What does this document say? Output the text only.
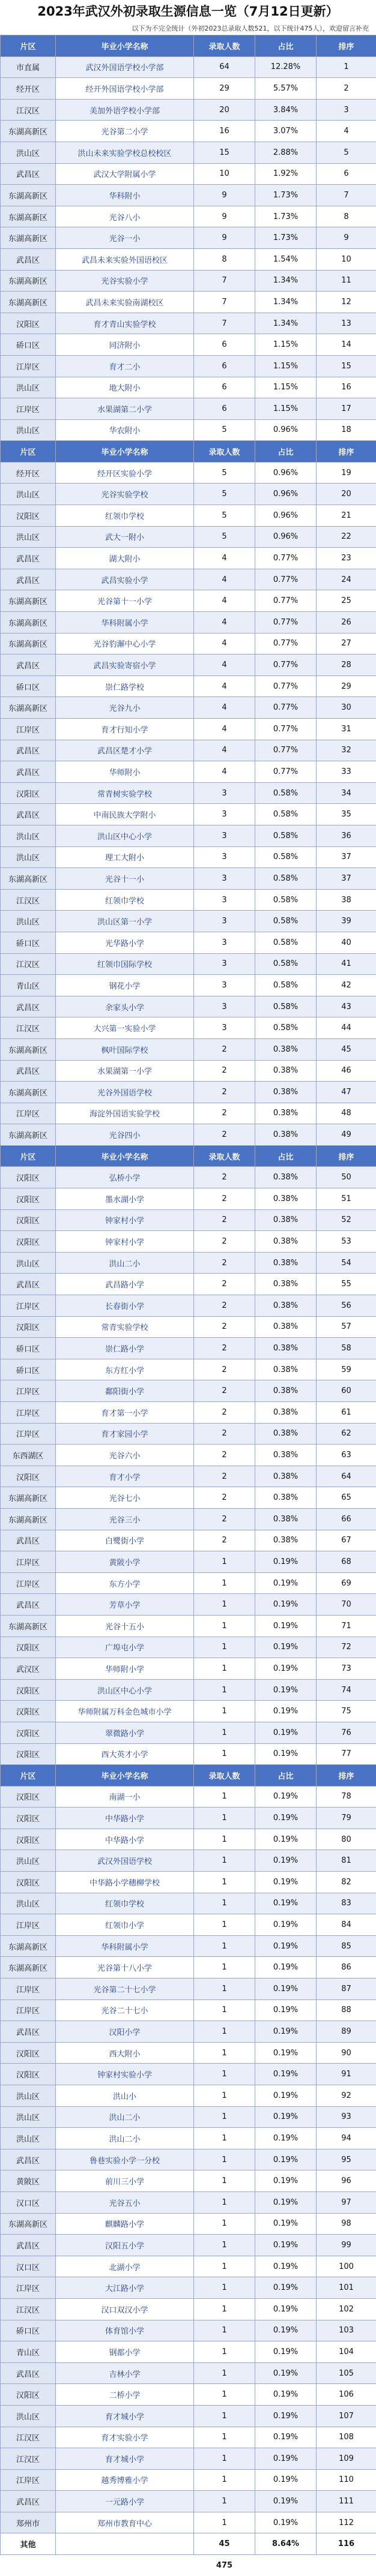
2023年武汉外初录取生源信息一览（7月12日更新）
以下为不完全统计（外初2023总录取人数521，以下统计475人），欢迎留言补充
片区	毕业小学名称	录取人数	占比	排序
市直属	武汉外国语学校小学部	64	12.28%	1
经开区	经开外国语学校小学部	29	5.57%	2
江汉区	美加外语学校小学部	20	3.84%	3
东湖高新区	光谷第二小学	16	3.07%	4
洪山区	洪山未来实验学校总校校区	15	2.88%	5
武昌区	武汉大学附属小学	10	1.92%	6
东湖高新区	华科附小	9	1.73%	7
东湖高新区	光谷八小	9	1.73%	8
东湖高新区	光谷一小	9	1.73%	9
武昌区	武昌未来实验外国语校区	8	1.54%	10
东湖高新区	光谷实验小学	7	1.34%	11
东湖高新区	武昌未来实验南湖校区	7	1.34%	12
汉阳区	育才青山实验学校	7	1.34%	13
硚口区	同济附小	6	1.15%	14
江岸区	育才二小	6	1.15%	15
洪山区	地大附小	6	1.15%	16
江岸区	水果湖第二小学	6	1.15%	17
洪山区	华农附小	5	0.96%	18
片区	毕业小学名称	录取人数	占比	排序
经开区	经开区实验小学	5	0.96%	19
洪山区	光谷实验学校	5	0.96%	20
汉阳区	红领巾学校	5	0.96%	21
洪山区	武大一附小	5	0.96%	22
武昌区	湖大附小	4	0.77%	23
武昌区	武昌实验小学	4	0.77%	24
东湖高新区	光谷第十一小学	4	0.77%	25
东湖高新区	华科附属小学	4	0.77%	26
东湖高新区	光谷豹澥中心小学	4	0.77%	27
武昌区	武昌实验寄宿小学	4	0.77%	28
硚口区	崇仁路学校	4	0.77%	29
东湖高新区	光谷九小	4	0.77%	30
江岸区	育才行知小学	4	0.77%	31
武昌区	武昌区楚才小学	4	0.77%	32
武昌区	华师附小	4	0.77%	33
汉阳区	常青树实验学校	3	0.58%	34
武昌区	中南民族大学附小	3	0.58%	35
洪山区	洪山区中心小学	3	0.58%	36
洪山区	理工大附小	3	0.58%	37
东湖高新区	光谷十一小	3	0.58%	37
江汉区	红领巾学校	3	0.58%	38
洪山区	洪山区第一小学	3	0.58%	39
硚口区	光华路小学	3	0.58%	40
江汉区	红领巾国际学校	3	0.58%	41
青山区	钢花小学	3	0.58%	42
武昌区	余家头小学	3	0.58%	43
江汉区	大兴第一实验小学	3	0.58%	44
东湖高新区	枫叶国际学校	2	0.38%	45
武昌区	水果湖第一小学	2	0.38%	46
东湖高新区	光谷外国语学校	2	0.38%	47
江岸区	海淀外国语实验学校	2	0.38%	48
东湖高新区	光谷四小	2	0.38%	49
片区	毕业小学名称	录取人数	占比	排序
汉阳区	弘桥小学	2	0.38%	50
汉阳区	墨水湖小学	2	0.38%	51
汉阳区	钟家村小学	2	0.38%	52
汉阳区	钟家村小学	2	0.38%	53
洪山区	洪山二小	2	0.38%	54
武昌区	武昌路小学	2	0.38%	55
江岸区	长春街小学	2	0.38%	56
汉阳区	常青实验学校	2	0.38%	57
硚口区	崇仁路小学	2	0.38%	58
硚口区	东方红小学	2	0.38%	59
江岸区	鄱阳街小学	2	0.38%	60
江岸区	育才第一小学	2	0.38%	61
江岸区	育才家园小学	2	0.38%	62
东西湖区	光谷六小	2	0.38%	63
汉阳区	育才小学	2	0.38%	64
东湖高新区	光谷七小	2	0.38%	65
东湖高新区	光谷三小	2	0.38%	66
武昌区	白鹭街小学	2	0.38%	67
江岸区	黄陂小学	1	0.19%	68
江岸区	东方小学	1	0.19%	69
武昌区	芳草小学	1	0.19%	70
东湖高新区	光谷十五小	1	0.19%	71
汉阳区	广埠屯小学	1	0.19%	72
武汉区	华师附小学	1	0.19%	73
汉阳区	洪山区中心小学	1	0.19%	74
汉阳区	华师附属万科金色城市小学	1	0.19%	75
汉阳区	翠微路小学	1	0.19%	76
汉阳区	西大英才小学	1	0.19%	77
片区	毕业小学名称	录取人数	占比	排序
汉阳区	南湖一小	1	0.19%	78
汉阳区	中华路小学	1	0.19%	79
汉阳区	中华路小学	1	0.19%	80
洪山区	武汉外国语学校	1	0.19%	81
汉阳区	中华路小学穗柳学校	1	0.19%	82
洪山区	红领巾学校	1	0.19%	83
江岸区	红领巾小学	1	0.19%	84
东湖高新区	华科附属小学	1	0.19%	85
东湖高新区	光谷第十八小学	1	0.19%	86
江岸区	光谷第二十七小学	1	0.19%	87
江岸区	光谷二十七小	1	0.19%	88
武昌区	汉阳小学	1	0.19%	89
汉阳区	西大附小	1	0.19%	90
汉阳区	钟家村实验小学	1	0.19%	91
洪山区	洪山小	1	0.19%	92
洪山区	洪山二小	1	0.19%	93
洪山区	洪山二小	1	0.19%	94
武昌区	鲁巷实验小学一分校	1	0.19%	95
黄陂区	前川三小学	1	0.19%	96
汉口区	光谷五小	1	0.19%	97
东湖高新区	麒麟路小学	1	0.19%	98
武昌区	汉阳五小学	1	0.19%	99
汉口区	北湖小学	1	0.19%	100
江岸区	大江路小学	1	0.19%	101
江汉区	汉口双汉小学	1	0.19%	102
硚口区	体育馆小学	1	0.19%	103
青山区	钢都小学	1	0.19%	104
武昌区	吉林小学	1	0.19%	105
汉阳区	二桥小学	1	0.19%	106
洪山区	育才城小学	1	0.19%	107
江汉区	育才实验小学	1	0.19%	108
江汉区	育才城小学	1	0.19%	109
江岸区	越秀博雅小学	1	0.19%	110
武昌区	一元路小学	1	0.19%	111
郑州市	郑州市教育中心	1	0.19%	112
其他		45	8.64%	116
		475		
